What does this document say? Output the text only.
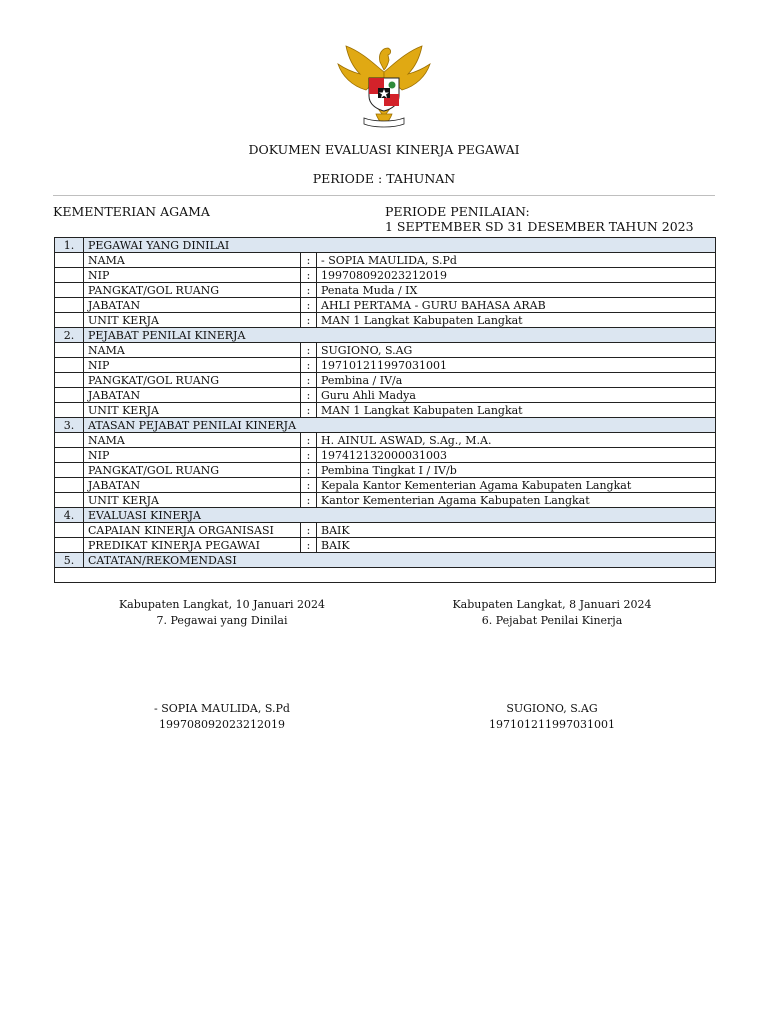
DOKUMEN EVALUASI KINERJA PEGAWAI
PERIODE : TAHUNAN
KEMENTERIAN AGAMA	PERIODE PENILAIAN:
1 SEPTEMBER SD 31 DESEMBER TAHUN 2023
1.	PEGAWAI YANG DINILAI		
	NAMA	:	- SOPIA MAULIDA, S.Pd
	NIP	:	199708092023212019
	PANGKAT/GOL RUANG	:	Penata Muda / IX
	JABATAN	:	AHLI PERTAMA - GURU BAHASA ARAB
	UNIT KERJA	:	MAN 1 Langkat Kabupaten Langkat
2.	PEJABAT PENILAI KINERJA		
	NAMA	:	SUGIONO, S.AG
	NIP	:	197101211997031001
	PANGKAT/GOL RUANG	:	Pembina / IV/a
	JABATAN	:	Guru Ahli Madya
	UNIT KERJA	:	MAN 1 Langkat Kabupaten Langkat
3.	ATASAN PEJABAT PENILAI KINERJA		
	NAMA	:	H. AINUL ASWAD, S.Ag., M.A.
	NIP	:	197412132000031003
	PANGKAT/GOL RUANG	:	Pembina Tingkat I / IV/b
	JABATAN	:	Kepala Kantor Kementerian Agama Kabupaten Langkat
	UNIT KERJA	:	Kantor Kementerian Agama Kabupaten Langkat
4.	EVALUASI KINERJA		
	CAPAIAN KINERJA ORGANISASI	:	BAIK
	PREDIKAT KINERJA PEGAWAI	:	BAIK
5.	CATATAN/REKOMENDASI		

Kabupaten Langkat, 10 Januari 2024
7. Pegawai yang Dinilai
Kabupaten Langkat, 8 Januari 2024
6. Pejabat Penilai Kinerja
- SOPIA MAULIDA, S.Pd
199708092023212019
SUGIONO, S.AG
197101211997031001
